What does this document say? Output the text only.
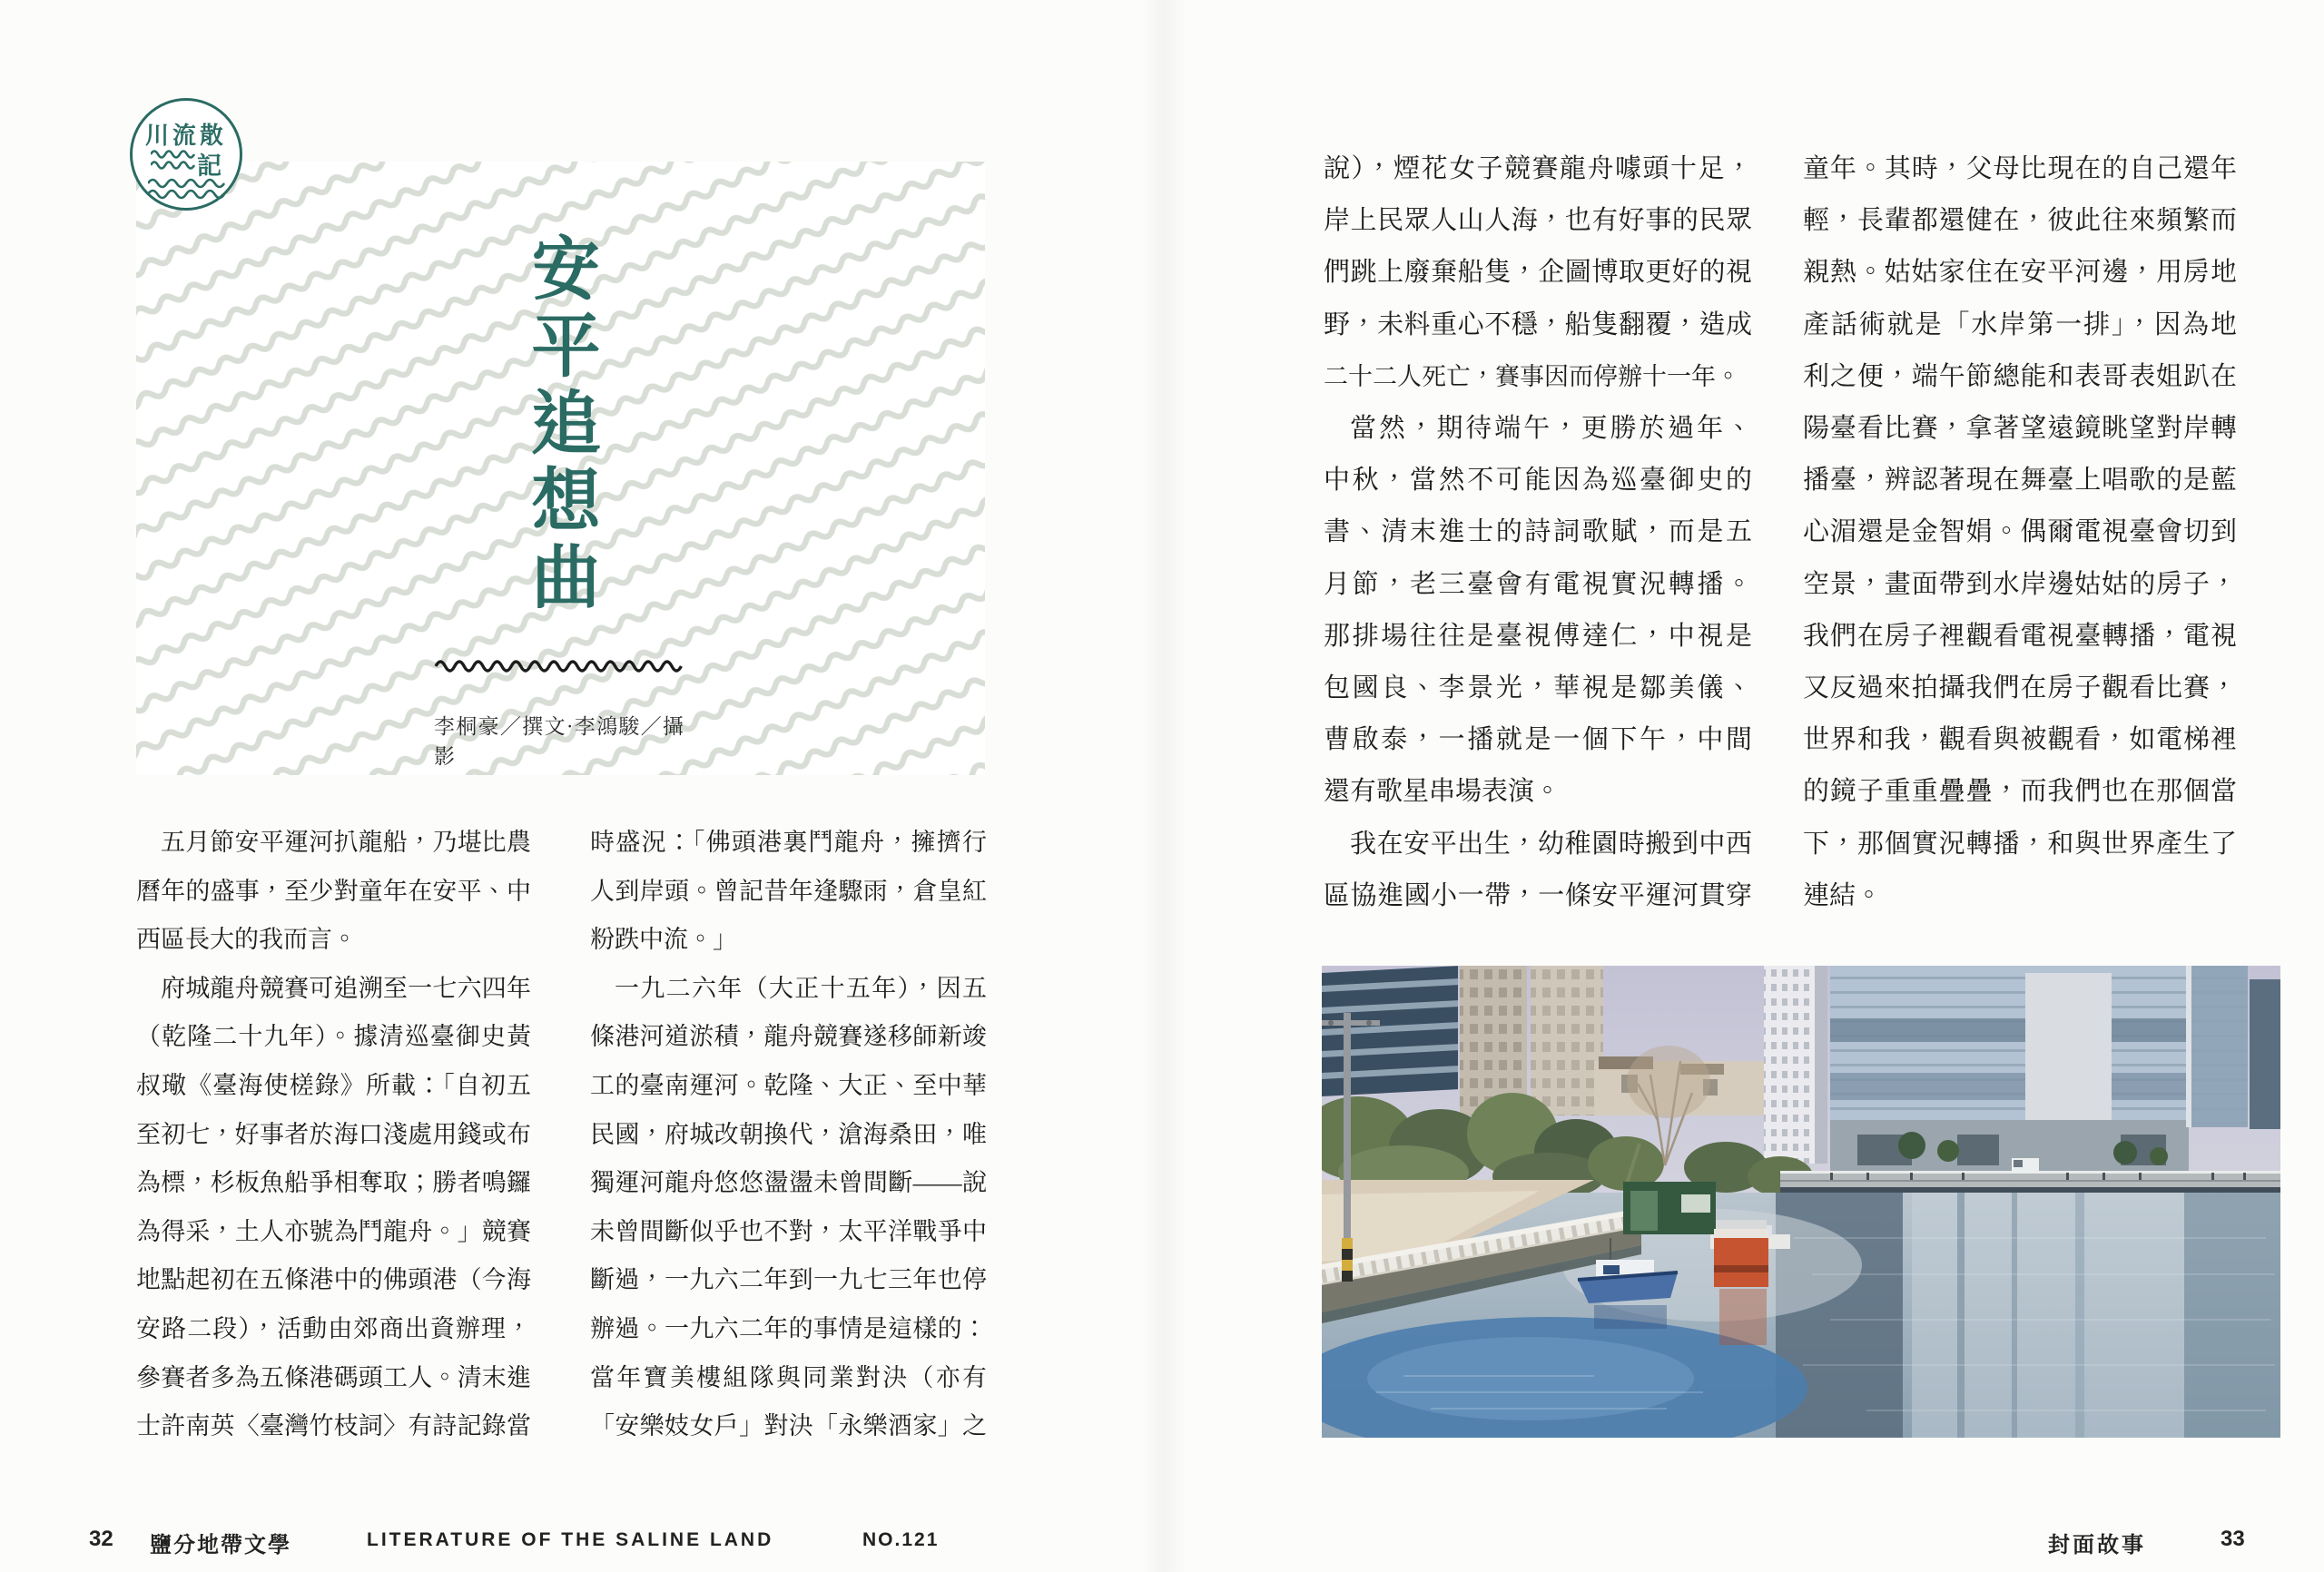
川流散
記
安平追想曲
李桐豪／撰文·李鴻駿／攝影
五月節安平運河扒龍船，乃堪比農
曆年的盛事，至少對童年在安平、中
西區長大的我而言。
府城龍舟競賽可追溯至一七六四年
（乾隆二十九年）。據清巡臺御史黃
叔璥《臺海使槎錄》所載：「自初五
至初七，好事者於海口淺處用錢或布
為標，杉板魚船爭相奪取；勝者鳴鑼
為得采，土人亦號為鬥龍舟。」競賽
地點起初在五條港中的佛頭港（今海
安路二段），活動由郊商出資辦理，
參賽者多為五條港碼頭工人。清末進
士許南英〈臺灣竹枝詞〉有詩記錄當
時盛況：「佛頭港裏鬥龍舟，擁擠行
人到岸頭。曾記昔年逢驟雨，倉皇紅
粉跌中流。」
一九二六年（大正十五年），因五
條港河道淤積，龍舟競賽遂移師新竣
工的臺南運河。乾隆、大正、至中華
民國，府城改朝換代，滄海桑田，唯
獨運河龍舟悠悠盪盪未曾間斷——說
未曾間斷似乎也不對，太平洋戰爭中
斷過，一九六二年到一九七三年也停
辦過。一九六二年的事情是這樣的：
當年寶美樓組隊與同業對決（亦有
「安樂妓女戶」對決「永樂酒家」之
32 鹽分地帶文學	LITERATURE OF THE SALINE LAND	NO.121
說），煙花女子競賽龍舟噱頭十足，
岸上民眾人山人海，也有好事的民眾
們跳上廢棄船隻，企圖博取更好的視
野，未料重心不穩，船隻翻覆，造成
二十二人死亡，賽事因而停辦十一年。
當然，期待端午，更勝於過年、
中秋，當然不可能因為巡臺御史的
書、清末進士的詩詞歌賦，而是五
月節，老三臺會有電視實況轉播。
那排場往往是臺視傅達仁，中視是
包國良、李景光，華視是鄒美儀、
曹啟泰，一播就是一個下午，中間
還有歌星串場表演。
我在安平出生，幼稚園時搬到中西
區協進國小一帶，一條安平運河貫穿
童年。其時，父母比現在的自己還年
輕，長輩都還健在，彼此往來頻繁而
親熱。姑姑家住在安平河邊，用房地
產話術就是「水岸第一排」，因為地
利之便，端午節總能和表哥表姐趴在
陽臺看比賽，拿著望遠鏡眺望對岸轉
播臺，辨認著現在舞臺上唱歌的是藍
心湄還是金智娟。偶爾電視臺會切到
空景，畫面帶到水岸邊姑姑的房子，
我們在房子裡觀看電視臺轉播，電視
又反過來拍攝我們在房子觀看比賽，
世界和我，觀看與被觀看，如電梯裡
的鏡子重重疊疊，而我們也在那個當
下，那個實況轉播，和與世界產生了
連結。
封面故事	33
